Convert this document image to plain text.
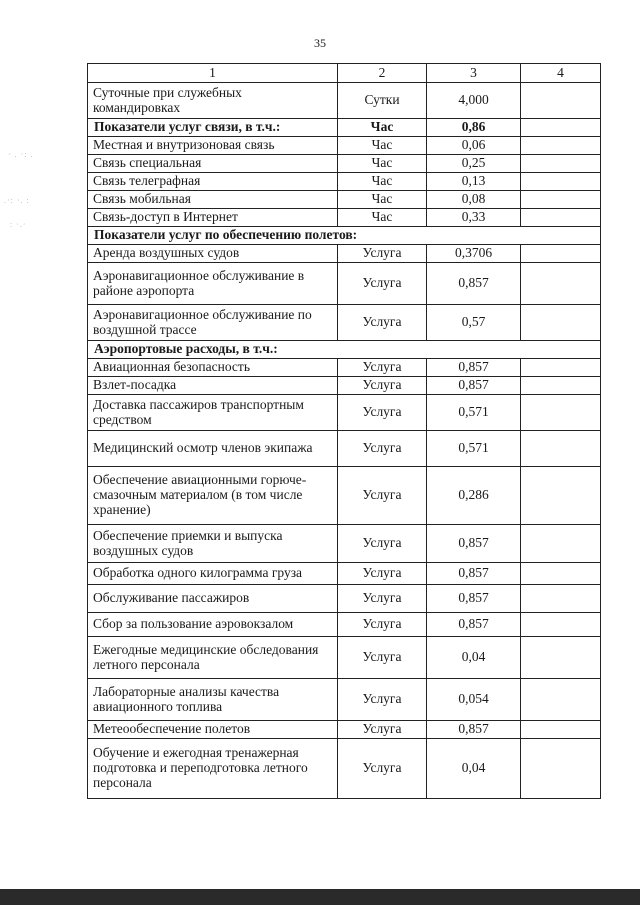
35
1	2	3	4
Суточные при служебных командировках	Сутки	4,000	
Показатели услуг связи, в т.ч.:	Час	0,86	
Местная и внутризоновая связь	Час	0,06	
Связь специальная	Час	0,25	
Связь телеграфная	Час	0,13	
Связь мобильная	Час	0,08	
Связь-доступ в Интернет	Час	0,33	
Показатели услуг по обеспечению полетов:			
Аренда воздушных судов	Услуга	0,3706	
Аэронавигационное обслуживание в районе аэропорта	Услуга	0,857	
Аэронавигационное обслуживание по воздушной трассе	Услуга	0,57	
Аэропортовые расходы, в т.ч.:			
Авиационная безопасность	Услуга	0,857	
Взлет-посадка	Услуга	0,857	
Доставка пассажиров транспортным средством	Услуга	0,571	
Медицинский осмотр членов экипажа	Услуга	0,571	
Обеспечение авиационными горюче-смазочным материалом (в том числе хранение)	Услуга	0,286	
Обеспечение приемки и выпуска воздушных судов	Услуга	0,857	
Обработка одного килограмма груза	Услуга	0,857	
Обслуживание пассажиров	Услуга	0,857	
Сбор за пользование аэровокзалом	Услуга	0,857	
Ежегодные медицинские обследования летного персонала	Услуга	0,04	
Лабораторные анализы качества авиационного топлива	Услуга	0,054	
Метеообеспечение полетов	Услуга	0,857	
Обучение и ежегодная тренажерная подготовка и переподготовка летного персонала	Услуга	0,04	
· . ·: .
.·: ·. :
: ·.·
